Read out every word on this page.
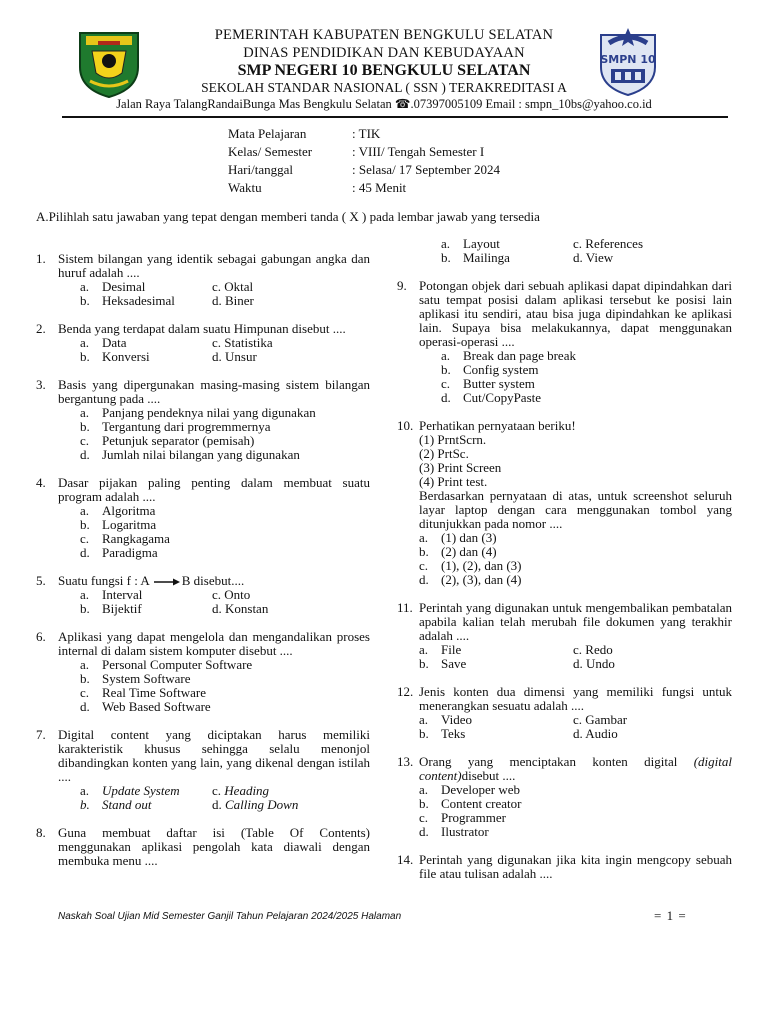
SMPN 10
PEMERINTAH KABUPATEN BENGKULU SELATAN
DINAS PENDIDIKAN DAN KEBUDAYAAN
SMP NEGERI 10 BENGKULU SELATAN
SEKOLAH STANDAR NASIONAL ( SSN ) TERAKREDITASI A
Jalan Raya TalangRandaiBunga Mas Bengkulu Selatan ☎.07397005109 Email : smpn_10bs@yahoo.co.id
Mata Pelajaran	: TIK
Kelas/ Semester	: VIII/ Tengah Semester I
Hari/tanggal	: Selasa/ 17 September 2024
Waktu	: 45 Menit
A.Pilihlah satu jawaban yang tepat dengan memberi tanda ( X ) pada lembar jawab yang tersedia
1. Sistem bilangan yang identik sebagai gabungan angka dan huruf adalah ....
a. Desimal	c. Oktal
b. Heksadesimal	d. Biner
2. Benda yang terdapat dalam suatu Himpunan disebut ....
a. Data	c. Statistika
b. Konversi	d. Unsur
3. Basis yang dipergunakan masing-masing sistem bilangan bergantung pada ....
a. Panjang pendeknya nilai yang digunakan
b. Tergantung dari progremmernya
c. Petunjuk separator (pemisah)
d. Jumlah nilai bilangan yang digunakan
4. Dasar pijakan paling penting dalam membuat suatu program adalah ....
a. Algoritma
b. Logaritma
c. Rangkagama
d. Paradigma
5. Suatu fungsi f : A B disebut....
a. Interval	c. Onto
b. Bijektif	d. Konstan
6. Aplikasi yang dapat mengelola dan mengandalikan proses internal di dalam sistem komputer disebut ....
a. Personal Computer Software
b. System Software
c. Real Time Software
d. Web Based Software
7. Digital content yang diciptakan harus memiliki karakteristik khusus sehingga selalu menonjol dibandingkan konten yang lain, yang dikenal dengan istilah ....
a. Update System c. Heading
b. Stand out	d. Calling Down
8. Guna membuat daftar isi (Table Of Contents) menggunakan aplikasi pengolah kata diawali dengan membuka menu ....
a. Layout	c. References
b. Mailinga	d. View
9. Potongan objek dari sebuah aplikasi dapat dipindahkan dari satu tempat posisi dalam aplikasi tersebut ke posisi lain aplikasi itu sendiri, atau bisa juga dipindahkan ke aplikasi lain. Supaya bisa melakukannya, dapat menggunakan operasi-operasi ....
a. Break dan page break
b. Config system
c. Butter system
d. Cut/CopyPaste
10. Perhatikan pernyataan beriku!
(1) PrntScrn.
(2) PrtSc.
(3) Print Screen
(4) Print test.
Berdasarkan pernyataan di atas, untuk screenshot seluruh layar laptop dengan cara menggunakan tombol yang ditunjukkan pada nomor ....
a. (1) dan (3)
b. (2) dan (4)
c. (1), (2), dan (3)
d. (2), (3), dan (4)
11. Perintah yang digunakan untuk mengembalikan pembatalan apabila kalian telah merubah file dokumen yang terakhir adalah ....
a. File	c. Redo
b. Save	d. Undo
12. Jenis konten dua dimensi yang memiliki fungsi untuk menerangkan sesuatu adalah ....
a. Video	c. Gambar
b. Teks	d. Audio
13. Orang yang menciptakan konten digital (digital content)disebut ....
a. Developer web
b. Content creator
c. Programmer
d. Ilustrator
14. Perintah yang digunakan jika kita ingin mengcopy sebuah file atau tulisan adalah ....
Naskah Soal Ujian Mid Semester Ganjil Tahun Pelajaran 2024/2025 Halaman	= 1 =
